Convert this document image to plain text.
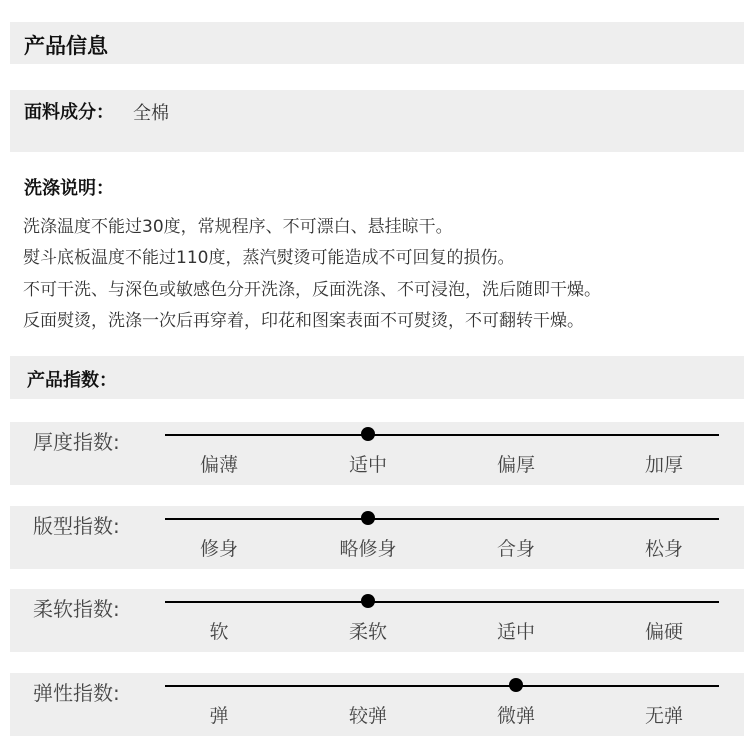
产品信息
面料成分： 全棉
洗涤说明：
洗涤温度不能过30度，常规程序、不可漂白、悬挂晾干。
熨斗底板温度不能过110度，蒸汽熨烫可能造成不可回复的损伤。
不可干洗、与深色或敏感色分开洗涤，反面洗涤、不可浸泡，洗后随即干燥。
反面熨烫，洗涤一次后再穿着，印花和图案表面不可熨烫，不可翻转干燥。
产品指数：
厚度指数:
偏薄	适中	偏厚	加厚
版型指数:
修身	略修身	合身	松身
柔软指数:
软	柔软	适中	偏硬
弹性指数:
弹	较弹	微弹	无弹
